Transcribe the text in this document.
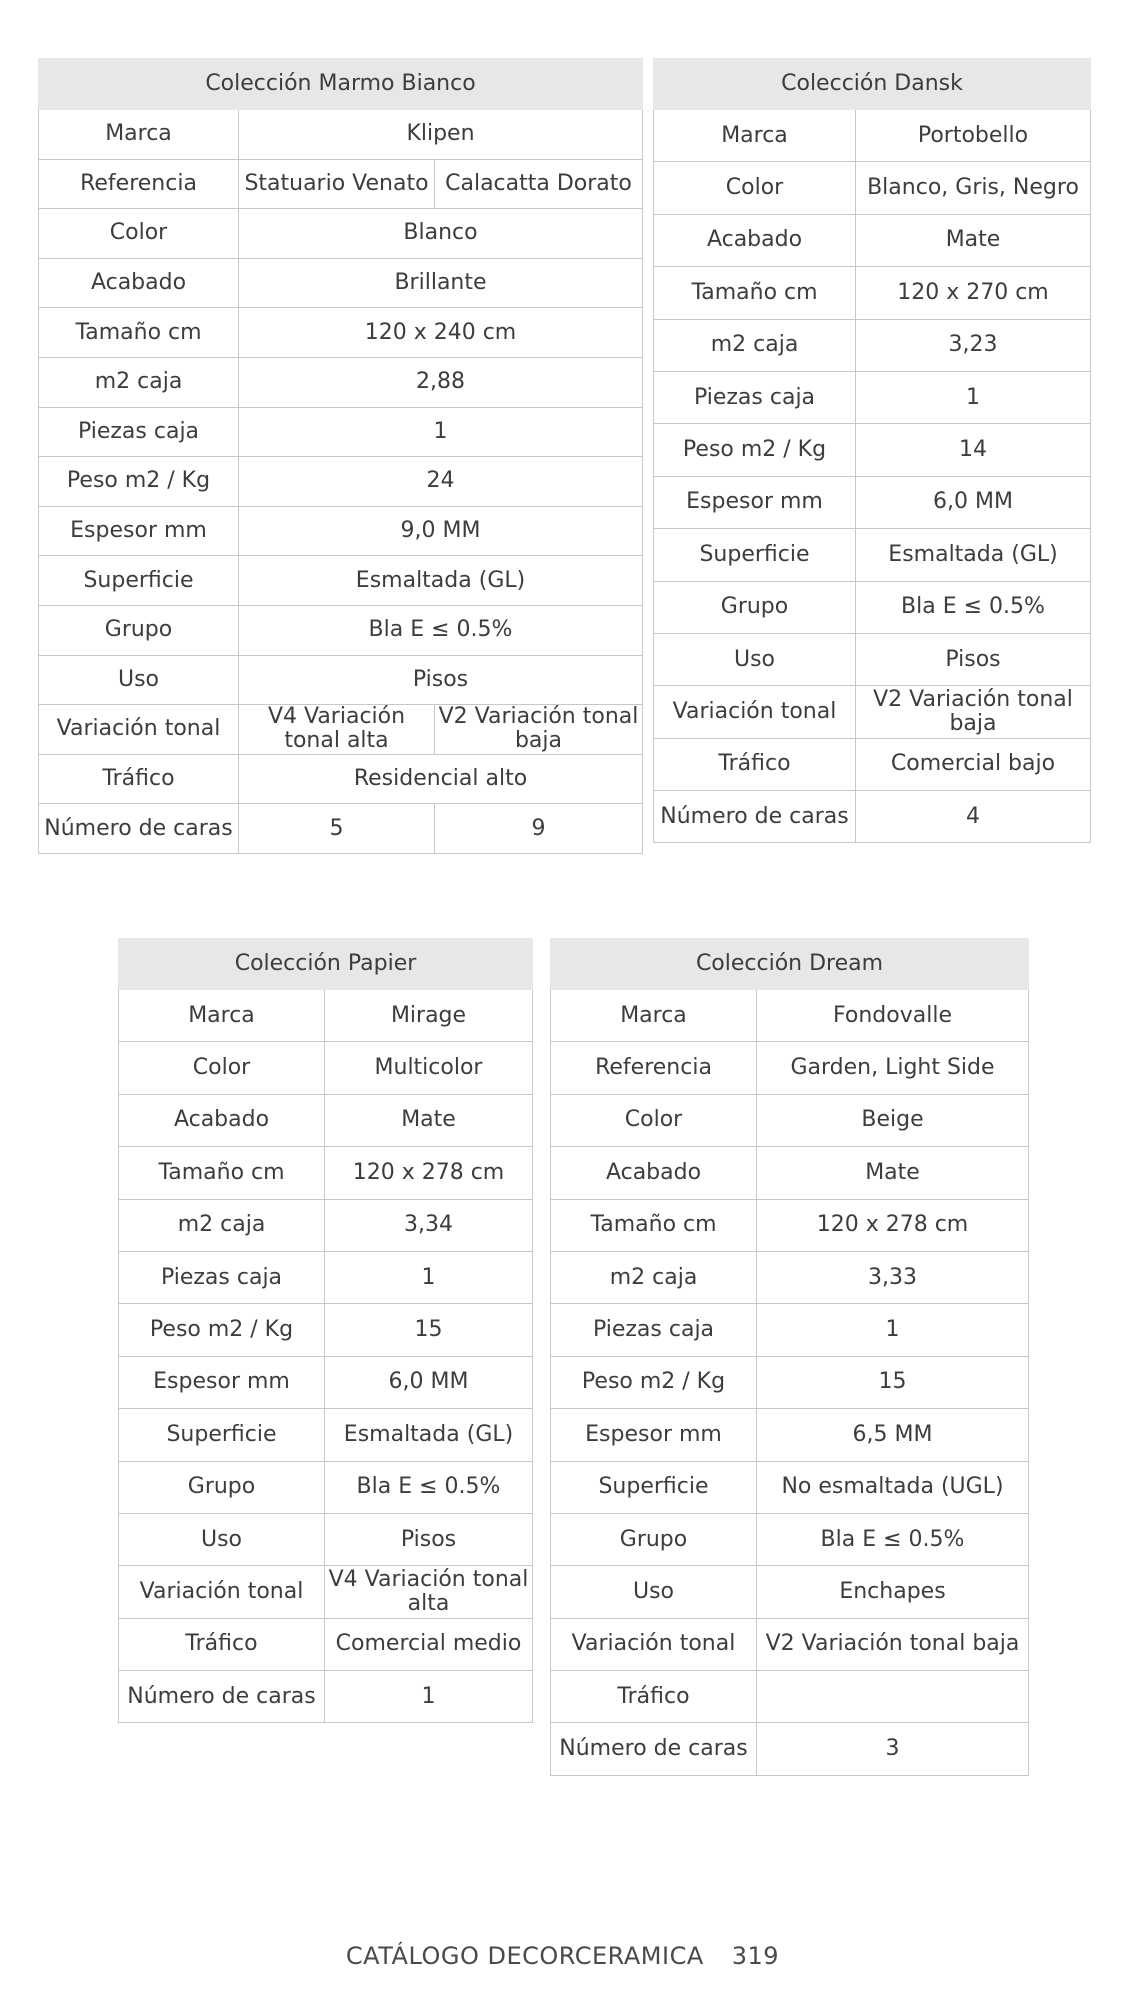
Colección Marmo Bianco		
Marca	Klipen	
Referencia	Statuario Venato	Calacatta Dorato
Color	Blanco	
Acabado	Brillante	
Tamaño cm	120 x 240 cm	
m2 caja	2,88	
Piezas caja	1	
Peso m2 / Kg	24	
Espesor mm	9,0 MM	
Superficie	Esmaltada (GL)	
Grupo	Bla E ≤ 0.5%	
Uso	Pisos	
Variación tonal	V4 Variación tonal alta	V2 Variación tonal baja
Tráfico	Residencial alto	
Número de caras	5	9
Colección Dansk	
Marca	Portobello
Color	Blanco, Gris, Negro
Acabado	Mate
Tamaño cm	120 x 270 cm
m2 caja	3,23
Piezas caja	1
Peso m2 / Kg	14
Espesor mm	6,0 MM
Superficie	Esmaltada (GL)
Grupo	Bla E ≤ 0.5%
Uso	Pisos
Variación tonal	V2 Variación tonal baja
Tráfico	Comercial bajo
Número de caras	4
Colección Papier	
Marca	Mirage
Color	Multicolor
Acabado	Mate
Tamaño cm	120 x 278 cm
m2 caja	3,34
Piezas caja	1
Peso m2 / Kg	15
Espesor mm	6,0 MM
Superficie	Esmaltada (GL)
Grupo	Bla E ≤ 0.5%
Uso	Pisos
Variación tonal	V4 Variación tonal alta
Tráfico	Comercial medio
Número de caras	1
Colección Dream	
Marca	Fondovalle
Referencia	Garden, Light Side
Color	Beige
Acabado	Mate
Tamaño cm	120 x 278 cm
m2 caja	3,33
Piezas caja	1
Peso m2 / Kg	15
Espesor mm	6,5 MM
Superficie	No esmaltada (UGL)
Grupo	Bla E ≤ 0.5%
Uso	Enchapes
Variación tonal	V2 Variación tonal baja
Tráfico	
Número de caras	3
CATÁLOGO DECORCERAMICA 319
